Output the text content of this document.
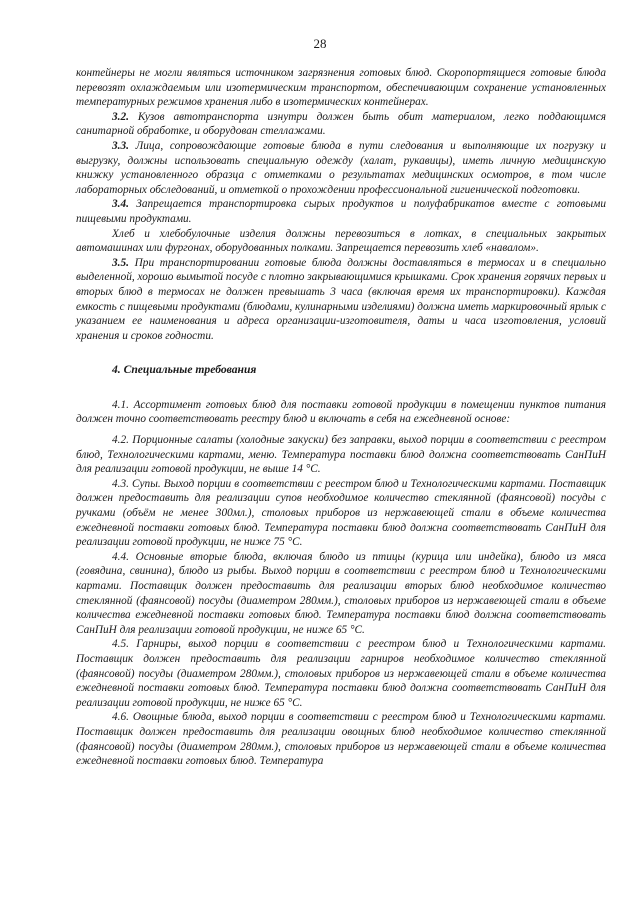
28

контейнеры не могли являться источником загрязнения готовых блюд. Скоропортящиеся готовые блюда перевозят охлаждаемым или изотермическим транспортом, обеспечивающим сохранение установленных температурных режимов хранения либо в изотермических контейнерах.

3.2. Кузов автотранспорта изнутри должен быть обит материалом, легко поддающимся санитарной обработке, и оборудован стеллажами.

3.3. Лица, сопровождающие готовые блюда в пути следования и выполняющие их погрузку и выгрузку, должны использовать специальную одежду (халат, рукавицы), иметь личную медицинскую книжку установленного образца с отметками о результатах медицинских осмотров, в том числе лабораторных обследований, и отметкой о прохождении профессиональной гигиенической подготовки.

3.4. Запрещается транспортировка сырых продуктов и полуфабрикатов вместе с готовыми пищевыми продуктами.

Хлеб и хлебобулочные изделия должны перевозиться в лотках, в специальных закрытых автомашинах или фургонах, оборудованных полками. Запрещается перевозить хлеб «навалом».

3.5. При транспортировании готовые блюда должны доставляться в термосах и в специально выделенной, хорошо вымытой посуде с плотно закрывающимися крышками. Срок хранения горячих первых и вторых блюд в термосах не должен превышать 3 часа (включая время их транспортировки). Каждая емкость с пищевыми продуктами (блюдами, кулинарными изделиями) должна иметь маркировочный ярлык с указанием ее наименования и адреса организации-изготовителя, даты и часа изготовления, условий хранения и сроков годности.

4. Специальные требования

4.1. Ассортимент готовых блюд для поставки готовой продукции в помещении пунктов питания должен точно соответствовать реестру блюд и включать в себя на ежедневной основе:

4.2. Порционные салаты (холодные закуски) без заправки, выход порции в соответствии с реестром блюд, Технологическими картами, меню. Температура поставки блюд должна соответствовать СанПиН для реализации готовой продукции, не выше 14 °С.

4.3. Супы. Выход порции в соответствии с реестром блюд и Технологическими картами. Поставщик должен предоставить для реализации супов необходимое количество стеклянной (фаянсовой) посуды с ручками (объём не менее 300мл.), столовых приборов из нержавеющей стали в объеме количества ежедневной поставки готовых блюд. Температура поставки блюд должна соответствовать СанПиН для реализации готовой продукции, не ниже 75 °С.

4.4. Основные вторые блюда, включая блюдо из птицы (курица или индейка), блюдо из мяса (говядина, свинина), блюдо из рыбы. Выход порции в соответствии с реестром блюд и Технологическими картами. Поставщик должен предоставить для реализации вторых блюд необходимое количество стеклянной (фаянсовой) посуды (диаметром 280мм.), столовых приборов из нержавеющей стали в объеме количества ежедневной поставки готовых блюд. Температура поставки блюд должна соответствовать СанПиН для реализации готовой продукции, не ниже 65 °С.

4.5. Гарниры, выход порции в соответствии с реестром блюд и Технологическими картами. Поставщик должен предоставить для реализации гарниров необходимое количество стеклянной (фаянсовой) посуды (диаметром 280мм.), столовых приборов из нержавеющей стали в объеме количества ежедневной поставки готовых блюд. Температура поставки блюд должна соответствовать СанПиН для реализации готовой продукции, не ниже 65 °С.

4.6. Овощные блюда, выход порции в соответствии с реестром блюд и Технологическими картами. Поставщик должен предоставить для реализации овощных блюд необходимое количество стеклянной (фаянсовой) посуды (диаметром 280мм.), столовых приборов из нержавеющей стали в объеме количества ежедневной поставки готовых блюд. Температура
